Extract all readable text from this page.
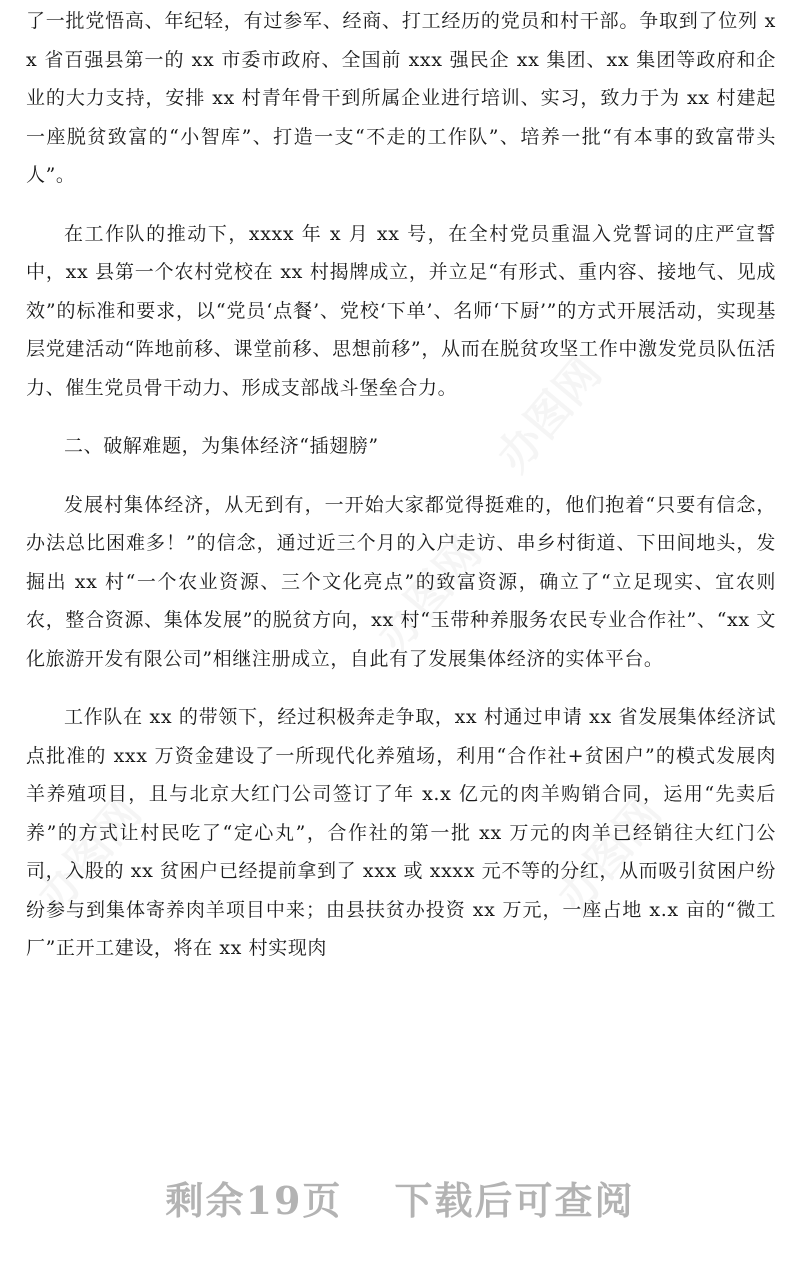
办图网
办图网
办图网
办图网

了一批党悟高、年纪轻，有过参军、经商、打工经历的党员和村干部。争取到了位列 xx 省百强县第一的 xx 市委市政府、全国前 xxx 强民企 xx 集团、xx 集团等政府和企业的大力支持，安排 xx 村青年骨干到所属企业进行培训、实习，致力于为 xx 村建起一座脱贫致富的“小智库”、打造一支“不走的工作队”、培养一批“有本事的致富带头人”。

在工作队的推动下，xxxx 年 x 月 xx 号，在全村党员重温入党誓词的庄严宣誓中，xx 县第一个农村党校在 xx 村揭牌成立，并立足“有形式、重内容、接地气、见成效”的标准和要求，以“党员‘点餐’、党校‘下单’、名师‘下厨’”的方式开展活动，实现基层党建活动“阵地前移、课堂前移、思想前移”，从而在脱贫攻坚工作中激发党员队伍活力、催生党员骨干动力、形成支部战斗堡垒合力。

二、破解难题，为集体经济“插翅膀”

发展村集体经济，从无到有，一开始大家都觉得挺难的，他们抱着“只要有信念，办法总比困难多！”的信念，通过近三个月的入户走访、串乡村街道、下田间地头，发掘出 xx 村“一个农业资源、三个文化亮点”的致富资源，确立了“立足现实、宜农则农，整合资源、集体发展”的脱贫方向，xx 村“玉带种养服务农民专业合作社”、“xx 文化旅游开发有限公司”相继注册成立，自此有了发展集体经济的实体平台。

工作队在 xx 的带领下，经过积极奔走争取，xx 村通过申请 xx 省发展集体经济试点批准的 xxx 万资金建设了一所现代化养殖场，利用“合作社+贫困户”的模式发展肉羊养殖项目，且与北京大红门公司签订了年 x.x 亿元的肉羊购销合同，运用“先卖后养”的方式让村民吃了“定心丸”，合作社的第一批 xx 万元的肉羊已经销往大红门公司，入股的 xx 贫困户已经提前拿到了 xxx 或 xxxx 元不等的分红，从而吸引贫困户纷纷参与到集体寄养肉羊项目中来；由县扶贫办投资 xx 万元，一座占地 x.x 亩的“微工厂”正开工建设，将在 xx 村实现肉

剩余19页 下载后可查阅
